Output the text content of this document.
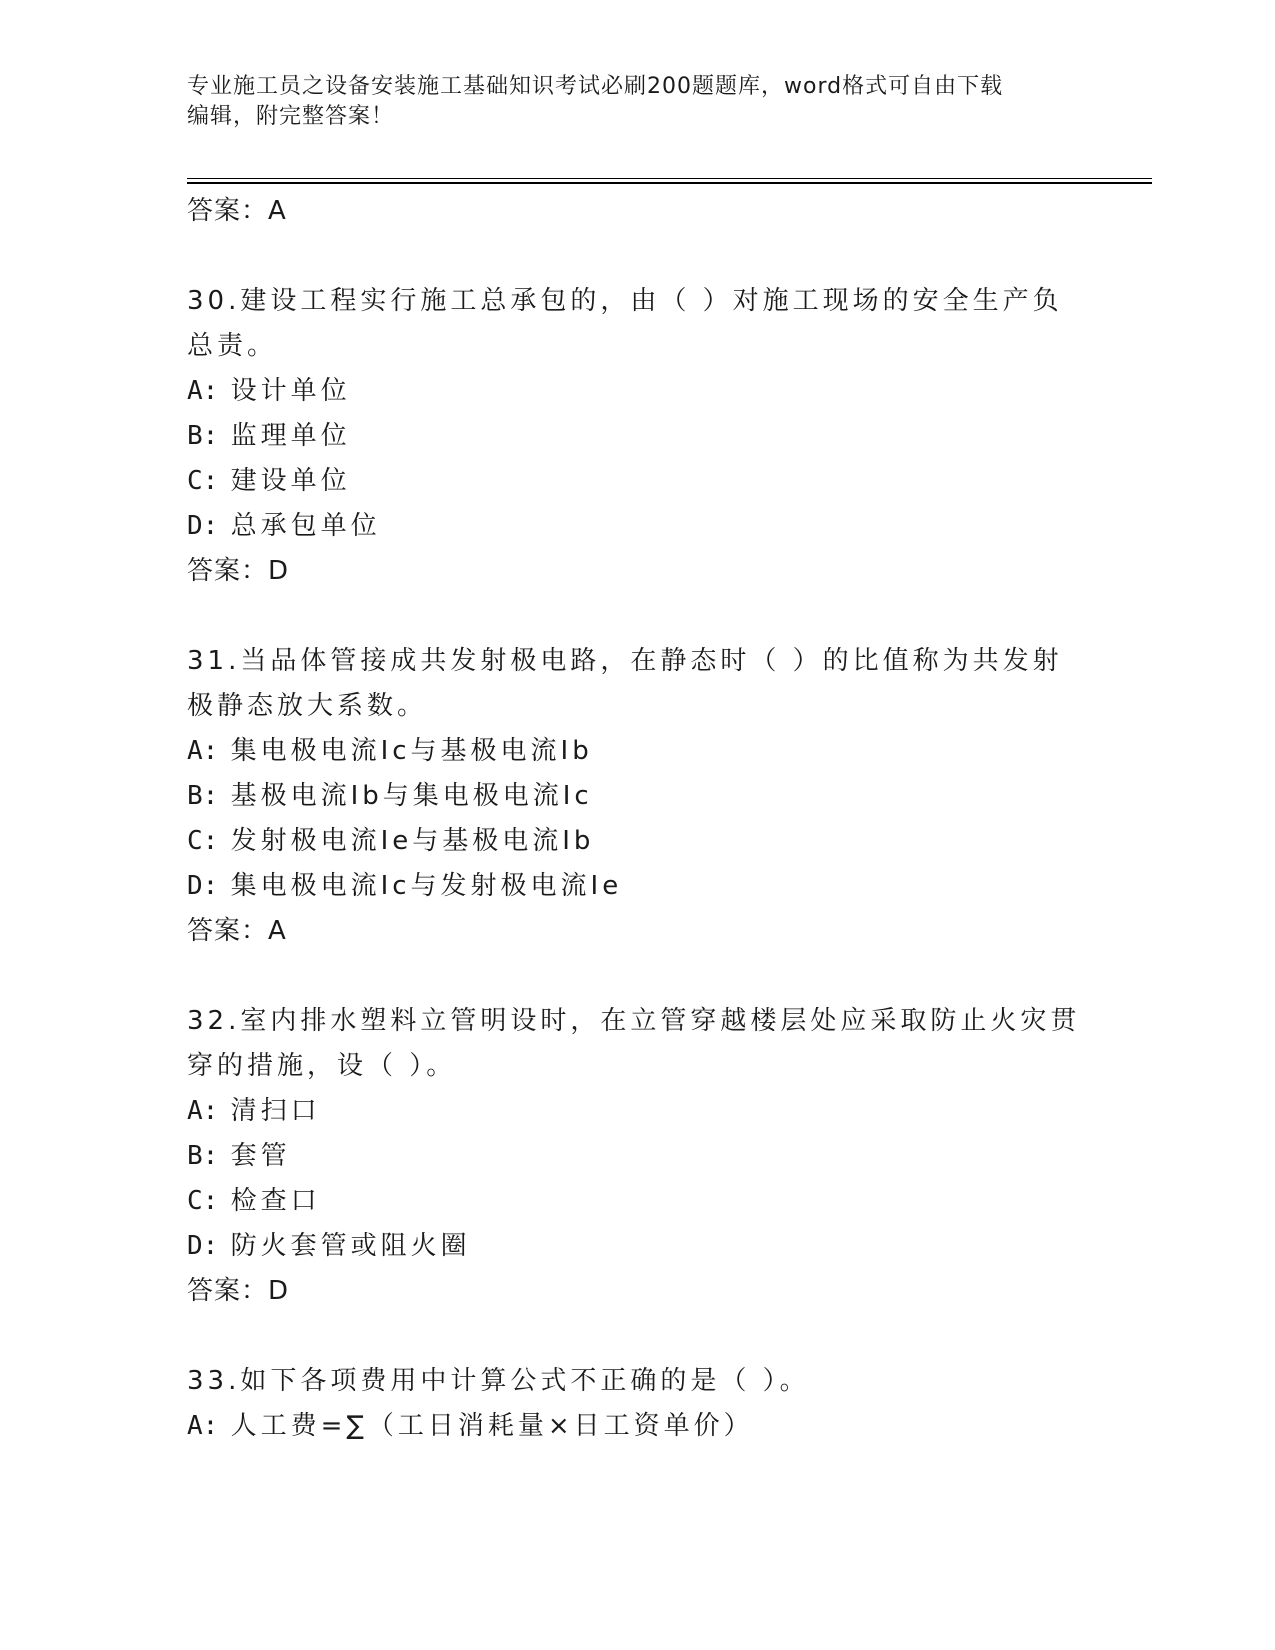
专业施工员之设备安装施工基础知识考试必刷200题题库，word格式可自由下载
编辑，附完整答案！
答案：A
30.建设工程实行施工总承包的，由（ ）对施工现场的安全生产负总责。
A: 设计单位
B: 监理单位
C: 建设单位
D: 总承包单位
答案：D
31.当品体管接成共发射极电路，在静态时（ ）的比值称为共发射极静态放大系数。
A: 集电极电流Ic与基极电流Ib
B: 基极电流Ib与集电极电流Ic
C: 发射极电流Ie与基极电流Ib
D: 集电极电流Ic与发射极电流Ie
答案：A
32.室内排水塑料立管明设时，在立管穿越楼层处应采取防止火灾贯穿的措施，设（ ）。
A: 清扫口
B: 套管
C: 检查口
D: 防火套管或阻火圈
答案：D
33.如下各项费用中计算公式不正确的是（ ）。
A: 人工费=∑（工日消耗量×日工资单价）
